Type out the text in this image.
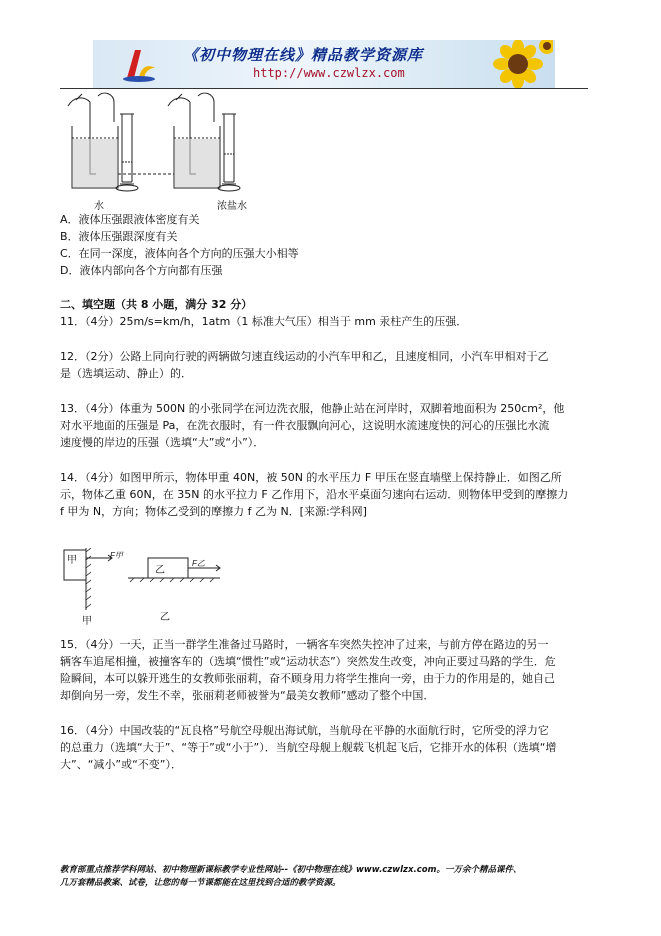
《初中物理在线》精品教学资源库
http://www.czwlzx.com
水	浓盐水
A．液体压强跟液体密度有关
B．液体压强跟深度有关
C．在同一深度，液体向各个方向的压强大小相等
D．液体内部向各个方向都有压强
二、填空题（共 8 小题，满分 32 分）
11．（4分）25m/s=km/h，1atm（1 标准大气压）相当于 mm 汞柱产生的压强．
12．（2分）公路上同向行驶的两辆做匀速直线运动的小汽车甲和乙，且速度相同，小汽车甲相对于乙
是（选填运动、静止）的．
13．（4分）体重为 500N 的小张同学在河边洗衣服，他静止站在河岸时，双脚着地面积为 250cm²，他
对水平地面的压强是 Pa，在洗衣服时，有一件衣服飘向河心，这说明水流速度快的河心的压强比水流
速度慢的岸边的压强（选填“大”或“小”）．
14．（4分）如图甲所示，物体甲重 40N，被 50N 的水平压力 F 甲压在竖直墙壁上保持静止．如图乙所
示，物体乙重 60N，在 35N 的水平拉力 F 乙作用下，沿水平桌面匀速向右运动．则物体甲受到的摩擦力
f 甲为 N，方向；物体乙受到的摩擦力 f 乙为 N．[来源:学科网]
甲	F甲
乙
F乙
甲	乙
15．（4分）一天，正当一群学生准备过马路时，一辆客车突然失控冲了过来，与前方停在路边的另一
辆客车追尾相撞，被撞客车的（选填“惯性”或“运动状态”）突然发生改变，冲向正要过马路的学生．危
险瞬间，本可以躲开逃生的女教师张丽莉，奋不顾身用力将学生推向一旁，由于力的作用是的，她自己
却倒向另一旁，发生不幸，张丽莉老师被誉为“最美女教师”感动了整个中国．
16．（4分）中国改装的“瓦良格”号航空母舰出海试航，当航母在平静的水面航行时，它所受的浮力它
的总重力（选填“大于”、“等于”或“小于”）．当航空母舰上舰载飞机起飞后，它排开水的体积（选填“增
大”、“减小”或“不变”）．
教育部重点推荐学科网站、初中物理新课标教学专业性网站--《初中物理在线》www.czwlzx.com。一万余个精品课件、
几万套精品教案、试卷，让您的每一节课都能在这里找到合适的教学资源。
